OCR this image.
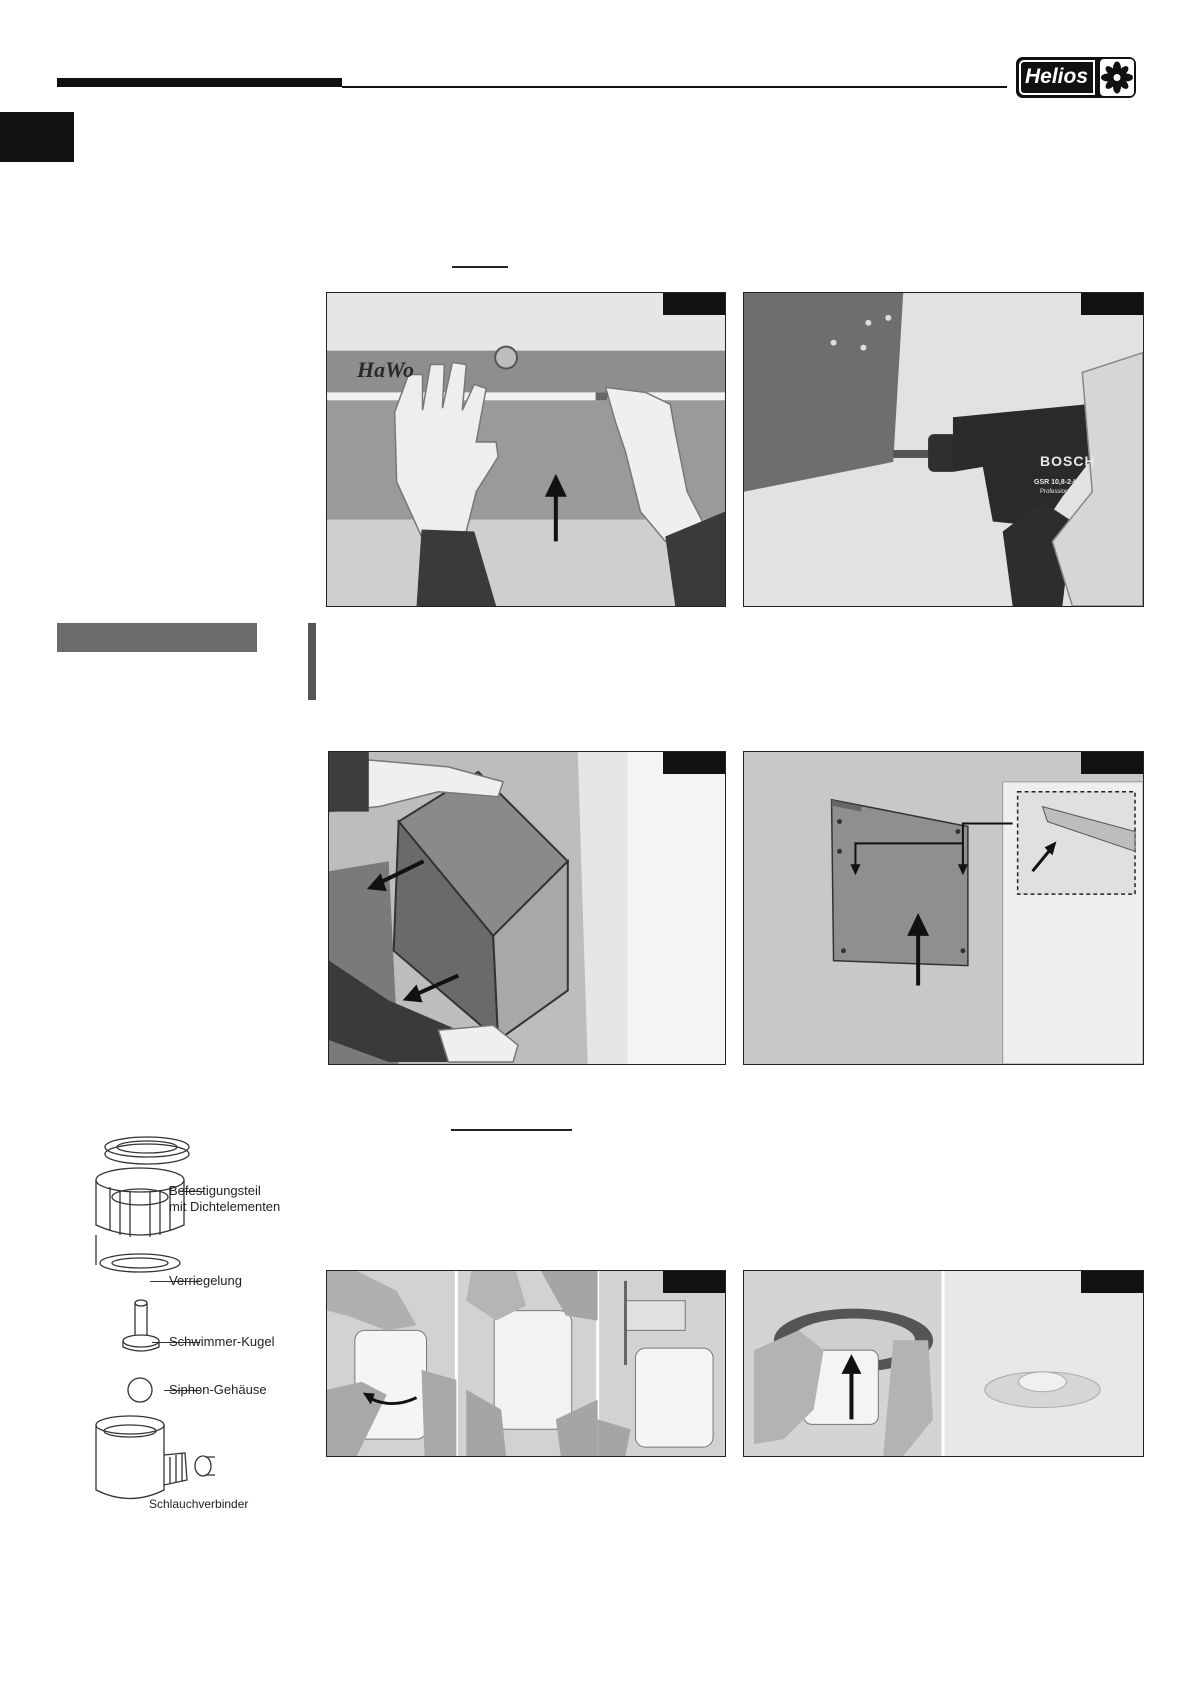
Helios
HaWo
BOSCH
GSR 10,8-2-LI
Professional
Befestigungsteil
mit Dichtelementen
Verriegelung
Schwimmer-Kugel
Siphon-Gehäuse
Schlauchverbinder
